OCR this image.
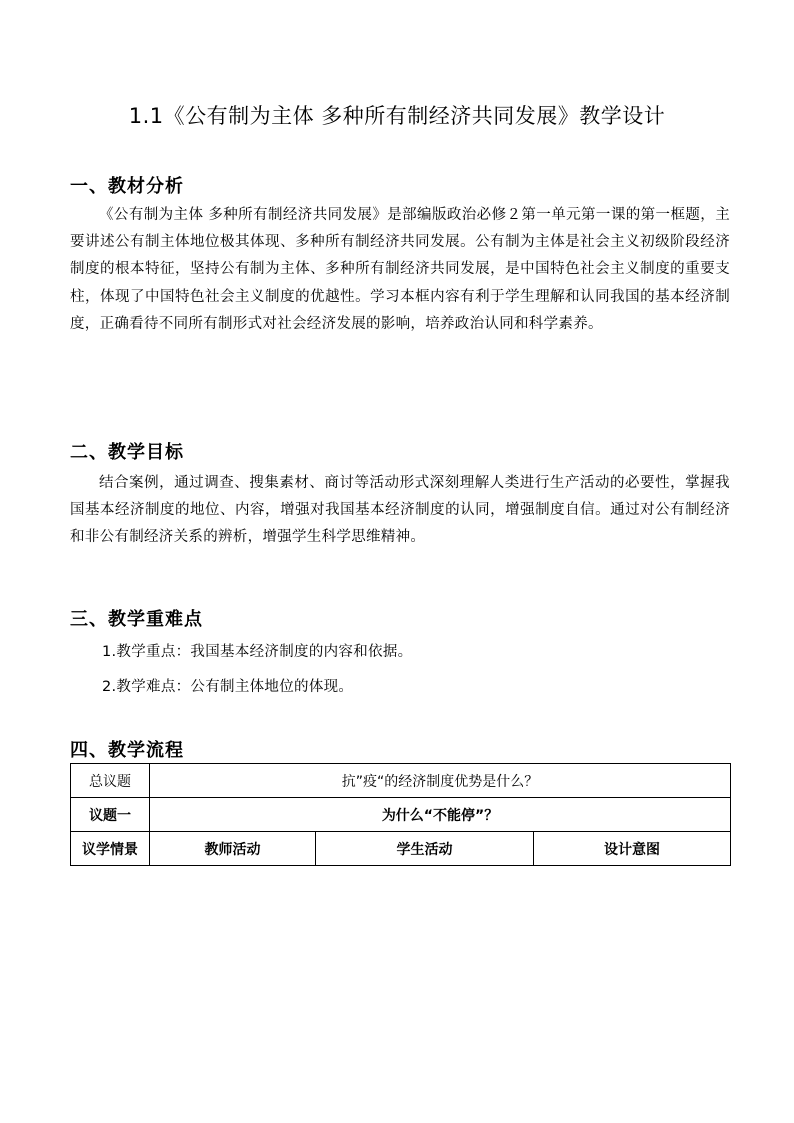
1.1《公有制为主体 多种所有制经济共同发展》教学设计
一、教材分析
《公有制为主体 多种所有制经济共同发展》是部编版政治必修２第一单元第一课的第一框题，主要讲述公有制主体地位极其体现、多种所有制经济共同发展。公有制为主体是社会主义初级阶段经济制度的根本特征，坚持公有制为主体、多种所有制经济共同发展，是中国特色社会主义制度的重要支柱，体现了中国特色社会主义制度的优越性。学习本框内容有利于学生理解和认同我国的基本经济制度，正确看待不同所有制形式对社会经济发展的影响，培养政治认同和科学素养。
二、教学目标
结合案例，通过调查、搜集素材、商讨等活动形式深刻理解人类进行生产活动的必要性，掌握我国基本经济制度的地位、内容，增强对我国基本经济制度的认同，增强制度自信。通过对公有制经济和非公有制经济关系的辨析，增强学生科学思维精神。
三、教学重难点
1.教学重点：我国基本经济制度的内容和依据。
2.教学难点：公有制主体地位的体现。
四、教学流程
总议题	抗”疫“的经济制度优势是什么？		
议题一	为什么“不能停”？		
议学情景	教师活动	学生活动	设计意图
